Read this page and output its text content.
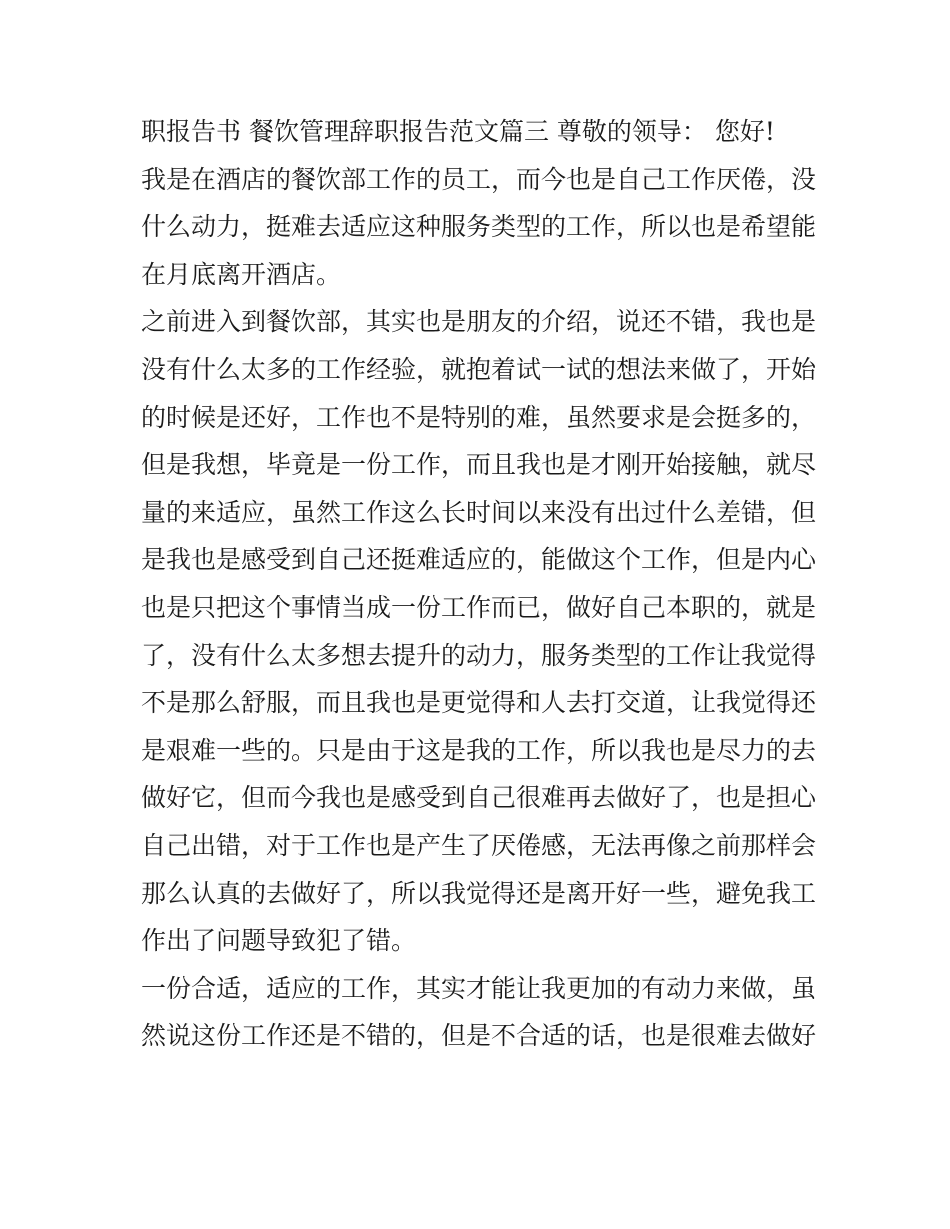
职报告书 餐饮管理辞职报告范文篇三 尊敬的领导： 您好!
我是在酒店的餐饮部工作的员工，而今也是自己工作厌倦，没
什么动力，挺难去适应这种服务类型的工作，所以也是希望能
在月底离开酒店。
之前进入到餐饮部，其实也是朋友的介绍，说还不错，我也是
没有什么太多的工作经验，就抱着试一试的想法来做了，开始
的时候是还好，工作也不是特别的难，虽然要求是会挺多的，
但是我想，毕竟是一份工作，而且我也是才刚开始接触，就尽
量的来适应，虽然工作这么长时间以来没有出过什么差错，但
是我也是感受到自己还挺难适应的，能做这个工作，但是内心
也是只把这个事情当成一份工作而已，做好自己本职的，就是
了，没有什么太多想去提升的动力，服务类型的工作让我觉得
不是那么舒服，而且我也是更觉得和人去打交道，让我觉得还
是艰难一些的。只是由于这是我的工作，所以我也是尽力的去
做好它，但而今我也是感受到自己很难再去做好了，也是担心
自己出错，对于工作也是产生了厌倦感，无法再像之前那样会
那么认真的去做好了，所以我觉得还是离开好一些，避免我工
作出了问题导致犯了错。
一份合适，适应的工作，其实才能让我更加的有动力来做，虽
然说这份工作还是不错的，但是不合适的话，也是很难去做好
